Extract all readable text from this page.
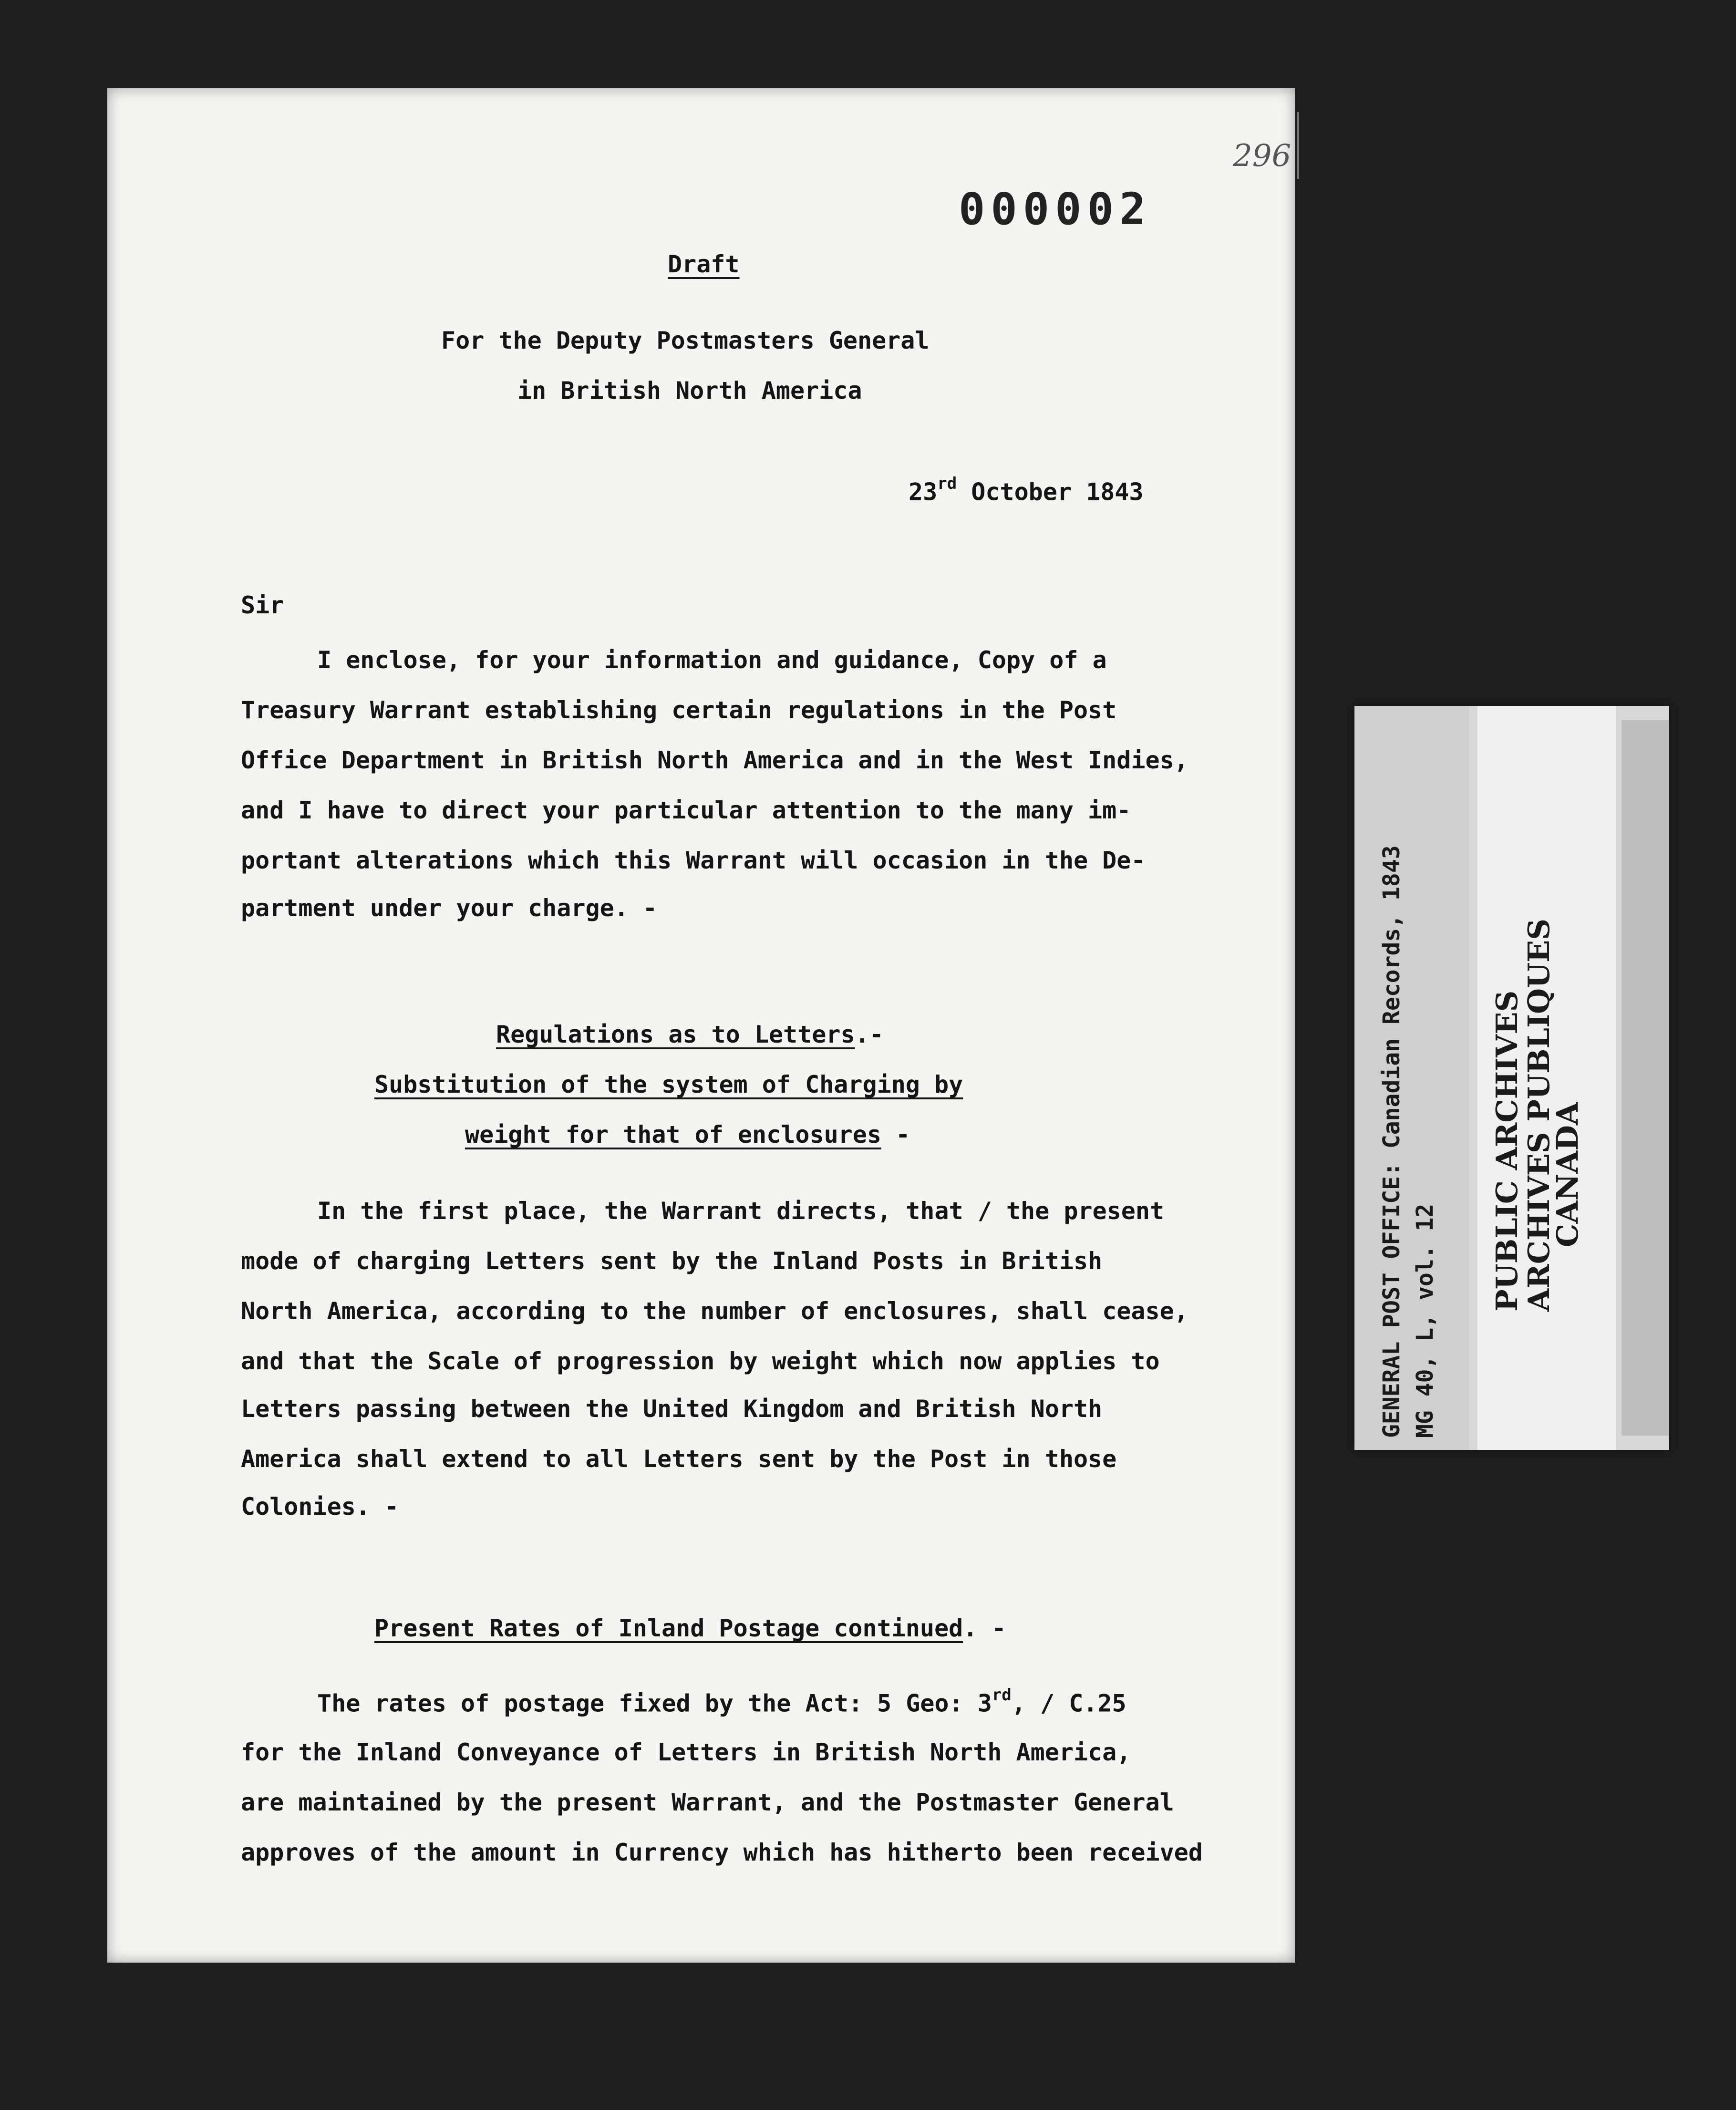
296
000002
Draft
For the Deputy Postmasters General
in British North America
23rd October 1843
Sir
I enclose, for your information and guidance, Copy of a
Treasury Warrant establishing certain regulations in the Post
Office Department in British North America and in the West Indies,
and I have to direct your particular attention to the many im-
portant alterations which this Warrant will occasion in the De-
partment under your charge. -
Regulations as to Letters.-
Substitution of the system of Charging by
weight for that of enclosures -
In the first place, the Warrant directs, that / the present
mode of charging Letters sent by the Inland Posts in British
North America, according to the number of enclosures, shall cease,
and that the Scale of progression by weight which now applies to
Letters passing between the United Kingdom and British North
America shall extend to all Letters sent by the Post in those
Colonies. -
Present Rates of Inland Postage continued. -
The rates of postage fixed by the Act: 5 Geo: 3rd, / C.25
for the Inland Conveyance of Letters in British North America,
are maintained by the present Warrant, and the Postmaster General
approves of the amount in Currency which has hitherto been received
GENERAL POST OFFICE: Canadian Records, 1843 MG 40, L, vol. 12
PUBLIC ARCHIVES
ARCHIVES PUBLIQUES
CANADA
